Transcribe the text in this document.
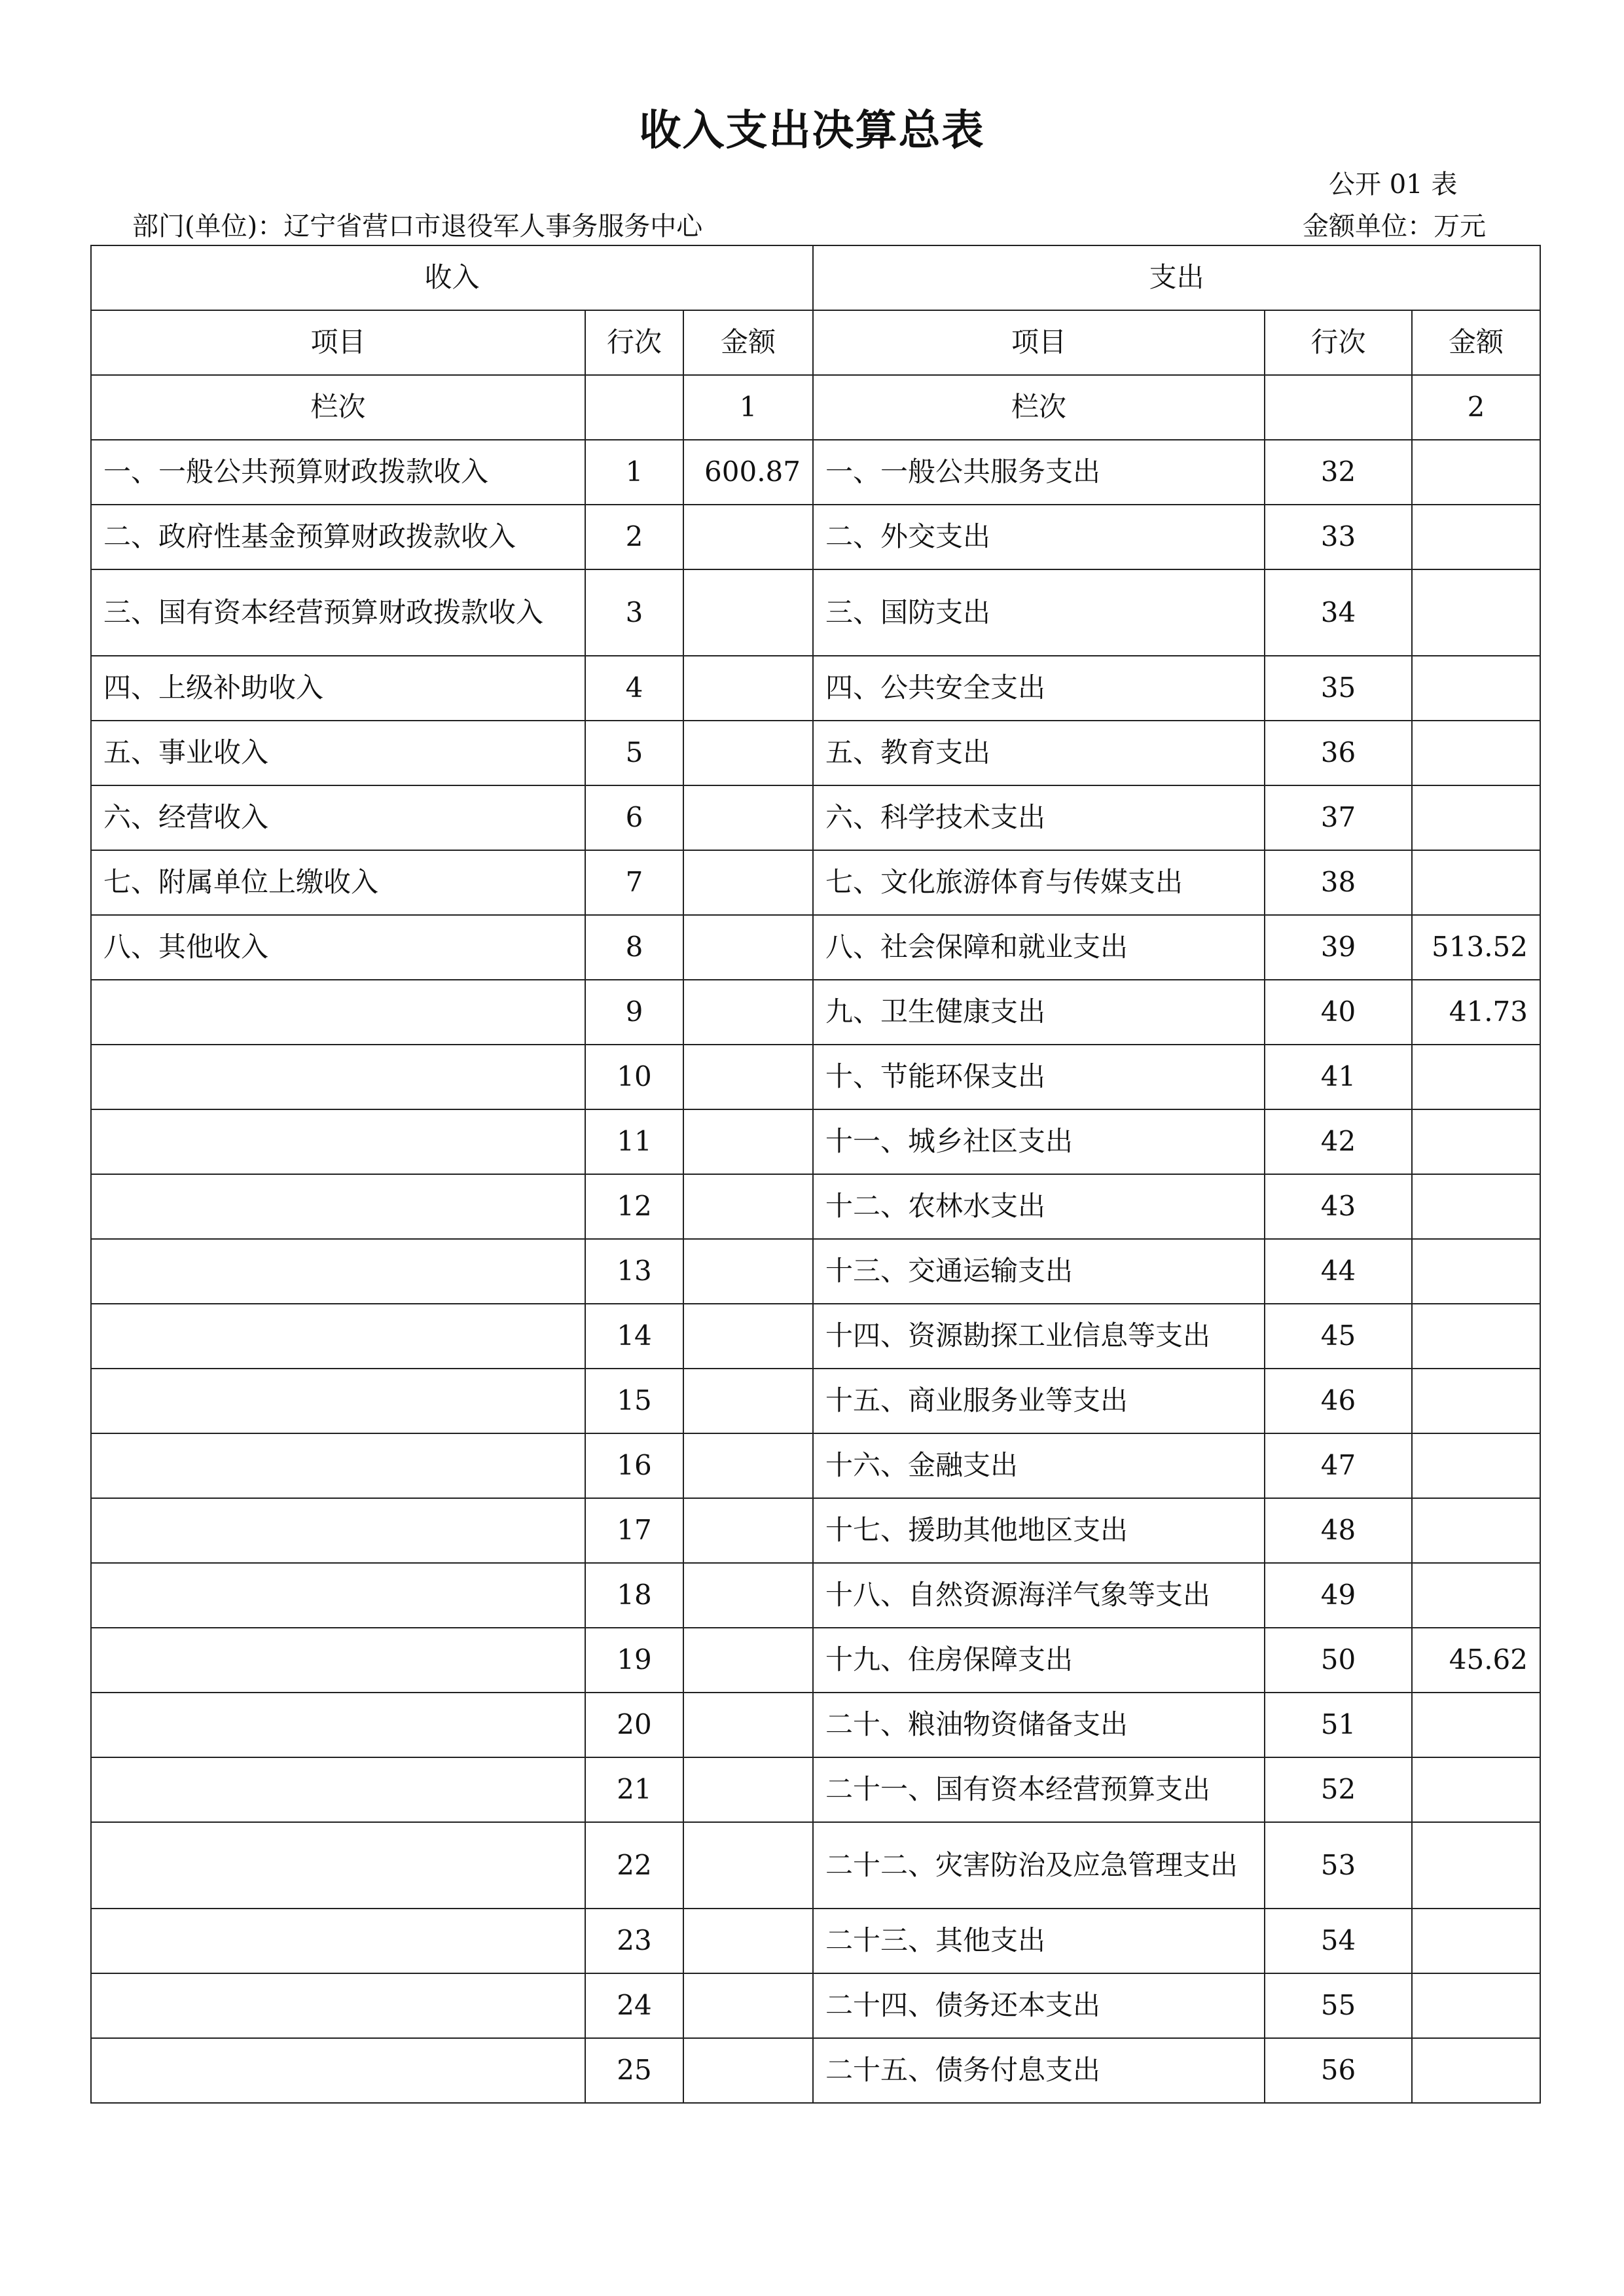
收入支出决算总表
公开 01 表
部门(单位)：辽宁省营口市退役军人事务服务中心	金额单位：万元
收入			支出		
项目	行次	金额	项目	行次	金额
栏次		1	栏次		2
一、一般公共预算财政拨款收入	1	600.87	一、一般公共服务支出	32	
二、政府性基金预算财政拨款收入	2		二、外交支出	33	
三、国有资本经营预算财政拨款收入	3		三、国防支出	34	
四、上级补助收入	4		四、公共安全支出	35	
五、事业收入	5		五、教育支出	36	
六、经营收入	6		六、科学技术支出	37	
七、附属单位上缴收入	7		七、文化旅游体育与传媒支出	38	
八、其他收入	8		八、社会保障和就业支出	39	513.52
	9		九、卫生健康支出	40	41.73
	10		十、节能环保支出	41	
	11		十一、城乡社区支出	42	
	12		十二、农林水支出	43	
	13		十三、交通运输支出	44	
	14		十四、资源勘探工业信息等支出	45	
	15		十五、商业服务业等支出	46	
	16		十六、金融支出	47	
	17		十七、援助其他地区支出	48	
	18		十八、自然资源海洋气象等支出	49	
	19		十九、住房保障支出	50	45.62
	20		二十、粮油物资储备支出	51	
	21		二十一、国有资本经营预算支出	52	
	22		二十二、灾害防治及应急管理支出	53	
	23		二十三、其他支出	54	
	24		二十四、债务还本支出	55	
	25		二十五、债务付息支出	56	
